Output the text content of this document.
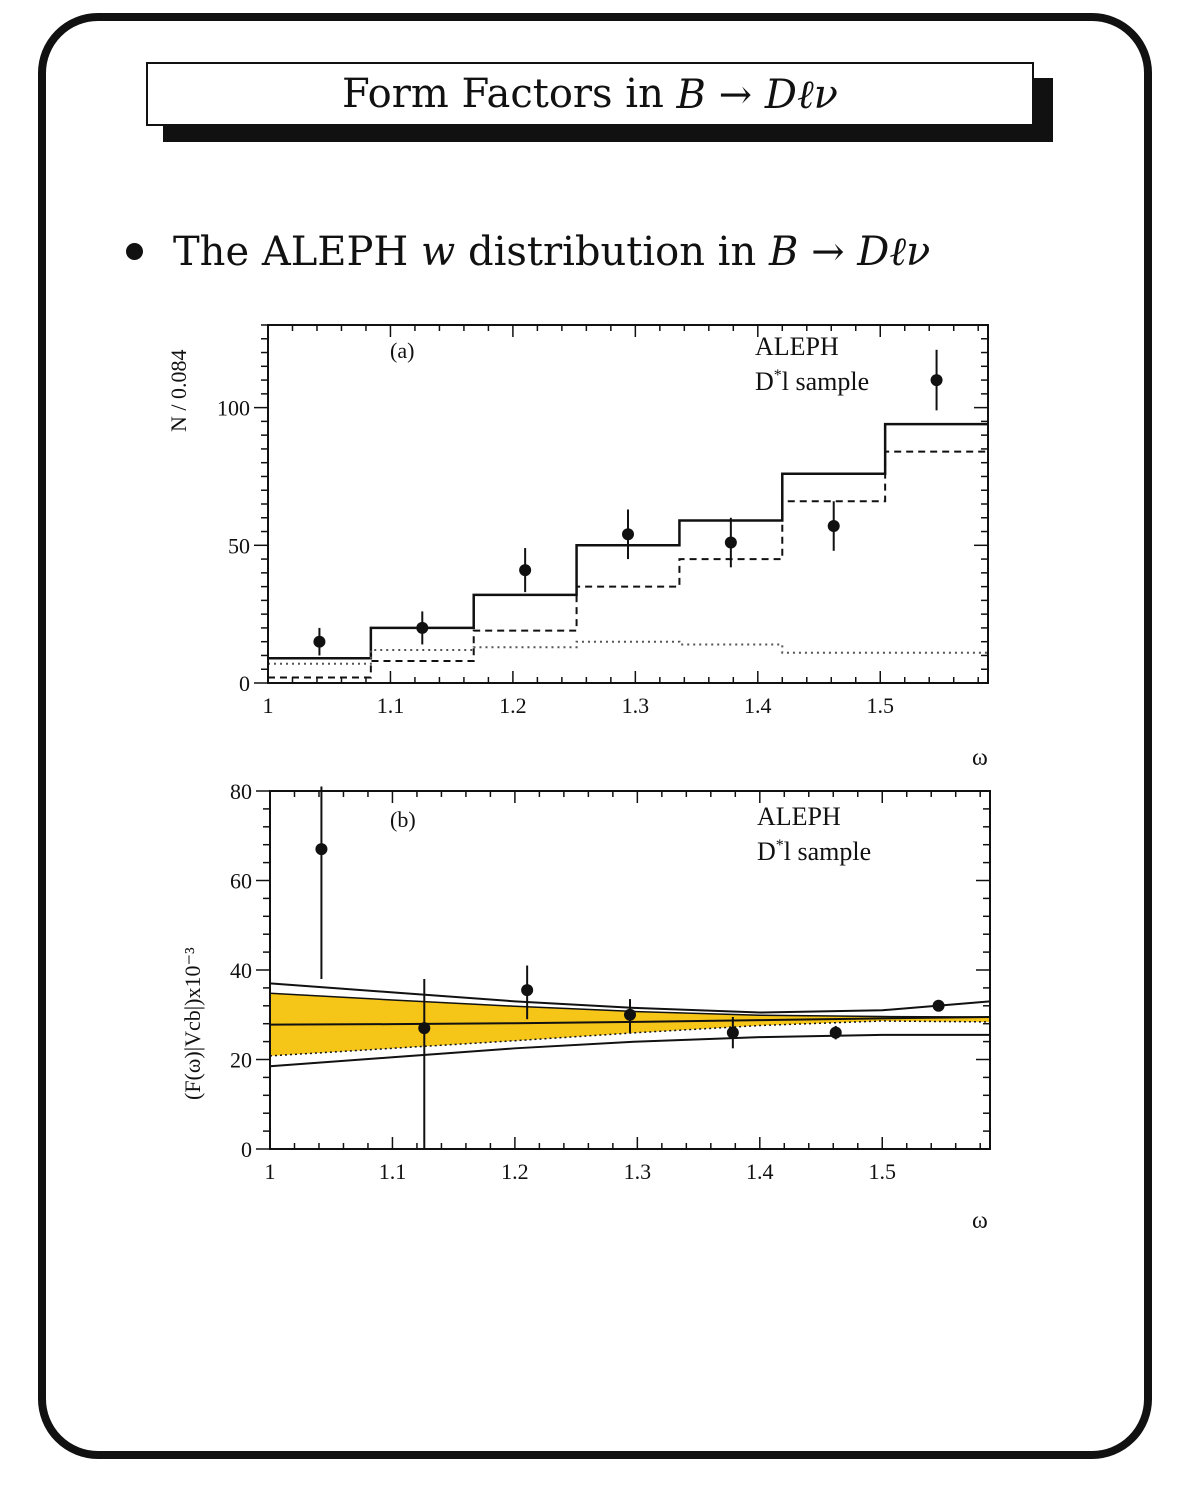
Form Factors in
B → Dℓν
The ALEPH w distribution in B → Dℓν
1	1.1	1.2	1.3	1.4	1.5
0
50
100
(a)	ALEPH
D*l sample
ω
N / 0.084
1	1.1	1.2	1.3	1.4	1.5
0
20
40
60
80
(b)	ALEPH
D*l sample
ω
(F(ω)|Vcb|)x10⁻³
